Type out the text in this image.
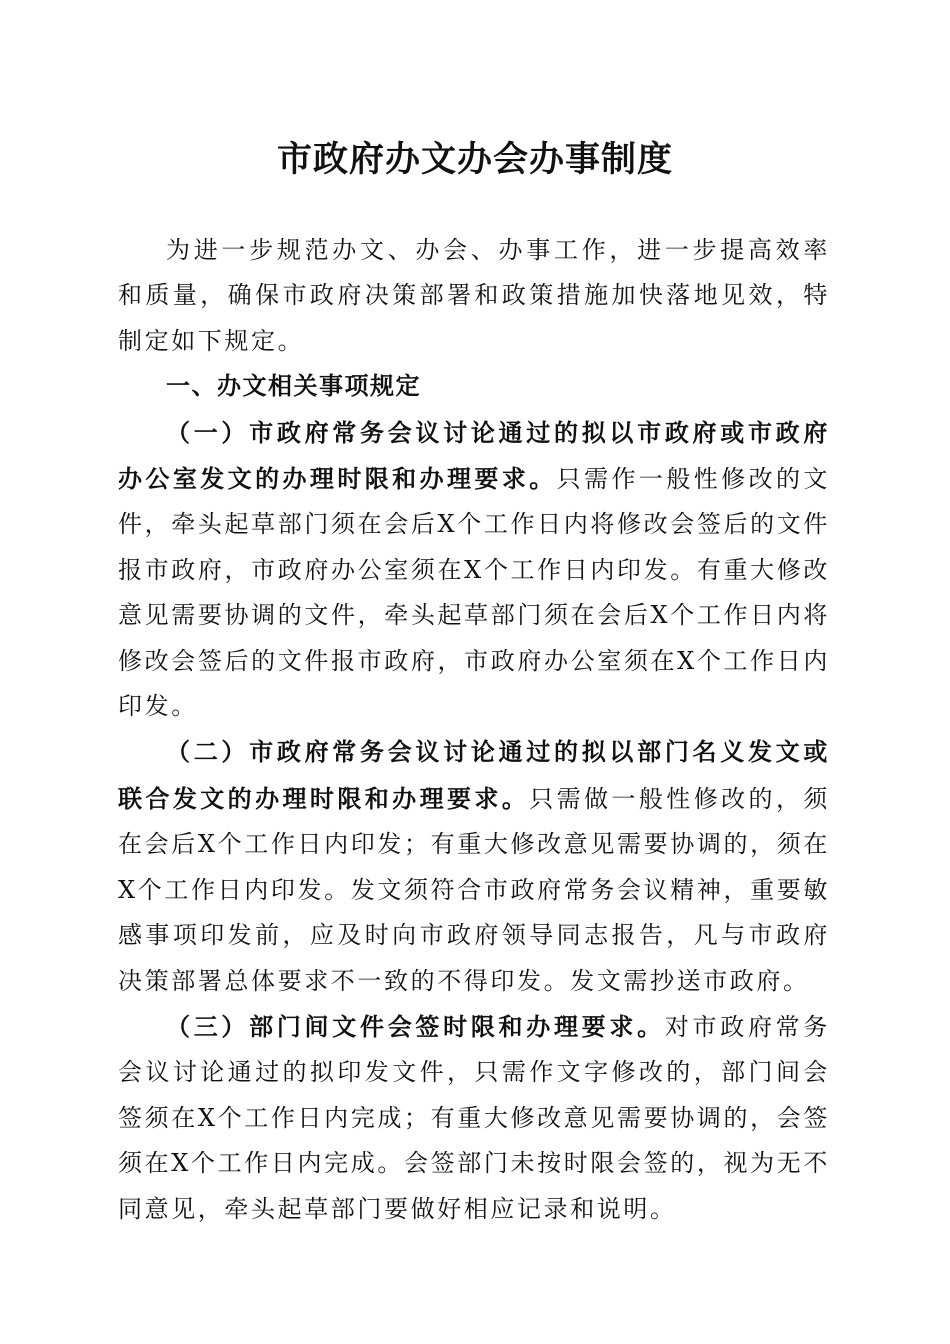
市政府办文办会办事制度

为进一步规范办文、办会、办事工作，进一步提高效率和质量，确保市政府决策部署和政策措施加快落地见效，特制定如下规定。

一、办文相关事项规定

（一）市政府常务会议讨论通过的拟以市政府或市政府办公室发文的办理时限和办理要求。只需作一般性修改的文件，牵头起草部门须在会后X个工作日内将修改会签后的文件报市政府，市政府办公室须在X个工作日内印发。有重大修改意见需要协调的文件，牵头起草部门须在会后X个工作日内将修改会签后的文件报市政府，市政府办公室须在X个工作日内印发。

（二）市政府常务会议讨论通过的拟以部门名义发文或联合发文的办理时限和办理要求。只需做一般性修改的，须在会后X个工作日内印发；有重大修改意见需要协调的，须在X个工作日内印发。发文须符合市政府常务会议精神，重要敏感事项印发前，应及时向市政府领导同志报告，凡与市政府决策部署总体要求不一致的不得印发。发文需抄送市政府。

（三）部门间文件会签时限和办理要求。对市政府常务会议讨论通过的拟印发文件，只需作文字修改的，部门间会签须在X个工作日内完成；有重大修改意见需要协调的，会签须在X个工作日内完成。会签部门未按时限会签的，视为无不同意见，牵头起草部门要做好相应记录和说明。
